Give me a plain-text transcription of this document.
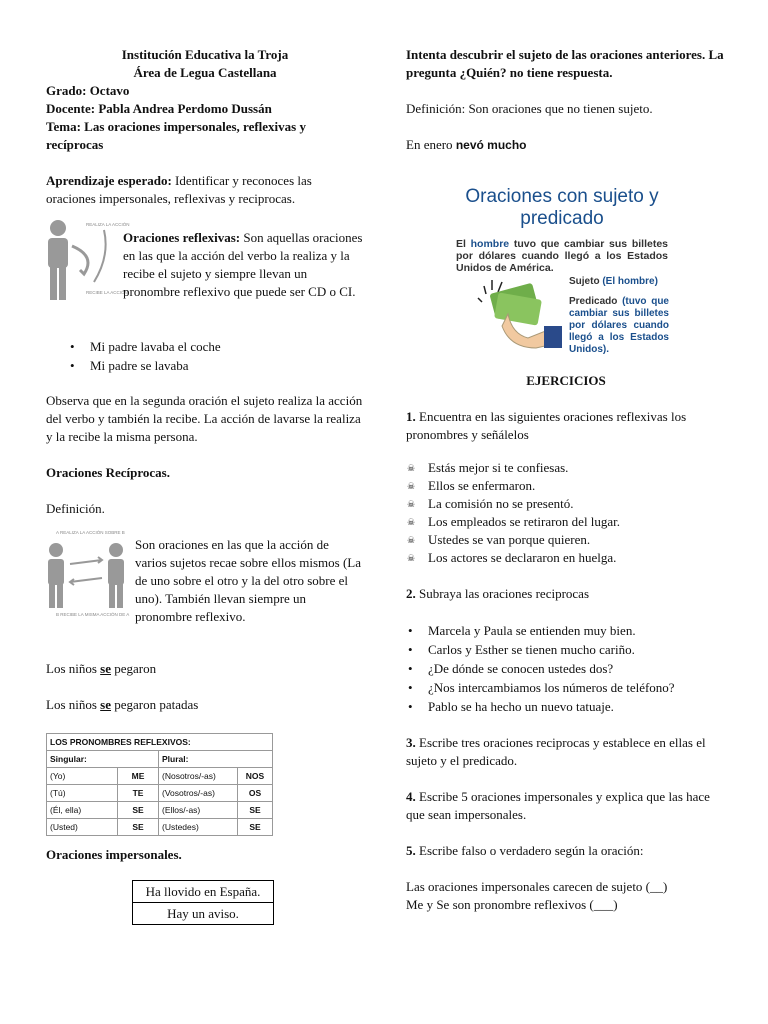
Institución Educativa la Troja

Área de Legua Castellana

Grado: Octavo

Docente: Pabla Andrea Perdomo Dussán

Tema: Las oraciones impersonales, reflexivas y recíprocas

Aprendizaje esperado: Identificar y reconoces las oraciones impersonales, reflexivas y reciprocas.

REALIZA LA ACCIÓN
RECIBE LA ACCIÓN

Oraciones reflexivas: Son aquellas oraciones en las que la acción del verbo la realiza y la recibe el sujeto y siempre llevan un pronombre reflexivo que puede ser CD o CI.

• Mi padre lavaba el coche
• Mi padre se lavaba

Observa que en la segunda oración el sujeto realiza la acción del verbo y también la recibe. La acción de lavarse la realiza y la recibe la misma persona.

Oraciones Recíprocas.

Definición.

A REALIZA LA ACCIÓN SOBRE B
B RECIBE LA MISMA ACCIÓN DE A

Son oraciones en las que la acción de varios sujetos recae sobre ellos mismos (La de uno sobre el otro y la del otro sobre el uno). También llevan siempre un pronombre reflexivo.

Los niños se pegaron

Los niños se pegaron patadas

LOS PRONOMBRES REFLEXIVOS:			
Singular:		Plural:	
(Yo)	ME	(Nosotros/-as)	NOS
(Tú)	TE	(Vosotros/-as)	OS
(Él, ella)	SE	(Ellos/-as)	SE
(Usted)	SE	(Ustedes)	SE

Oraciones impersonales.

Ha llovido en España.
Hay un aviso.

Intenta descubrir el sujeto de las oraciones anteriores. La pregunta ¿Quién? no tiene respuesta.

Definición: Son oraciones que no tienen sujeto.

En enero nevó mucho

Oraciones con sujeto y predicado
El hombre tuvo que cambiar sus billetes por dólares cuando llegó a los Estados Unidos de América.
Sujeto (El hombre)
Predicado (tuvo que cambiar sus billetes por dólares cuando llegó a los Estados Unidos).

EJERCICIOS

1. Encuentra en las siguientes oraciones reflexivas los pronombres y señálelos

☠ Estás mejor si te confiesas.
☠ Ellos se enfermaron.
☠ La comisión no se presentó.
☠ Los empleados se retiraron del lugar.
☠ Ustedes se van porque quieren.
☠ Los actores se declararon en huelga.

2. Subraya las oraciones reciprocas

• Marcela y Paula se entienden muy bien.
• Carlos y Esther se tienen mucho cariño.
• ¿De dónde se conocen ustedes dos?
• ¿Nos intercambiamos los números de teléfono?
• Pablo se ha hecho un nuevo tatuaje.

3. Escribe tres oraciones reciprocas y establece en ellas el sujeto y el predicado.

4. Escribe 5 oraciones impersonales y explica que las hace que sean impersonales.

5. Escribe falso o verdadero según la oración:

Las oraciones impersonales carecen de sujeto (__)

Me y Se son pronombre reflexivos (___)
